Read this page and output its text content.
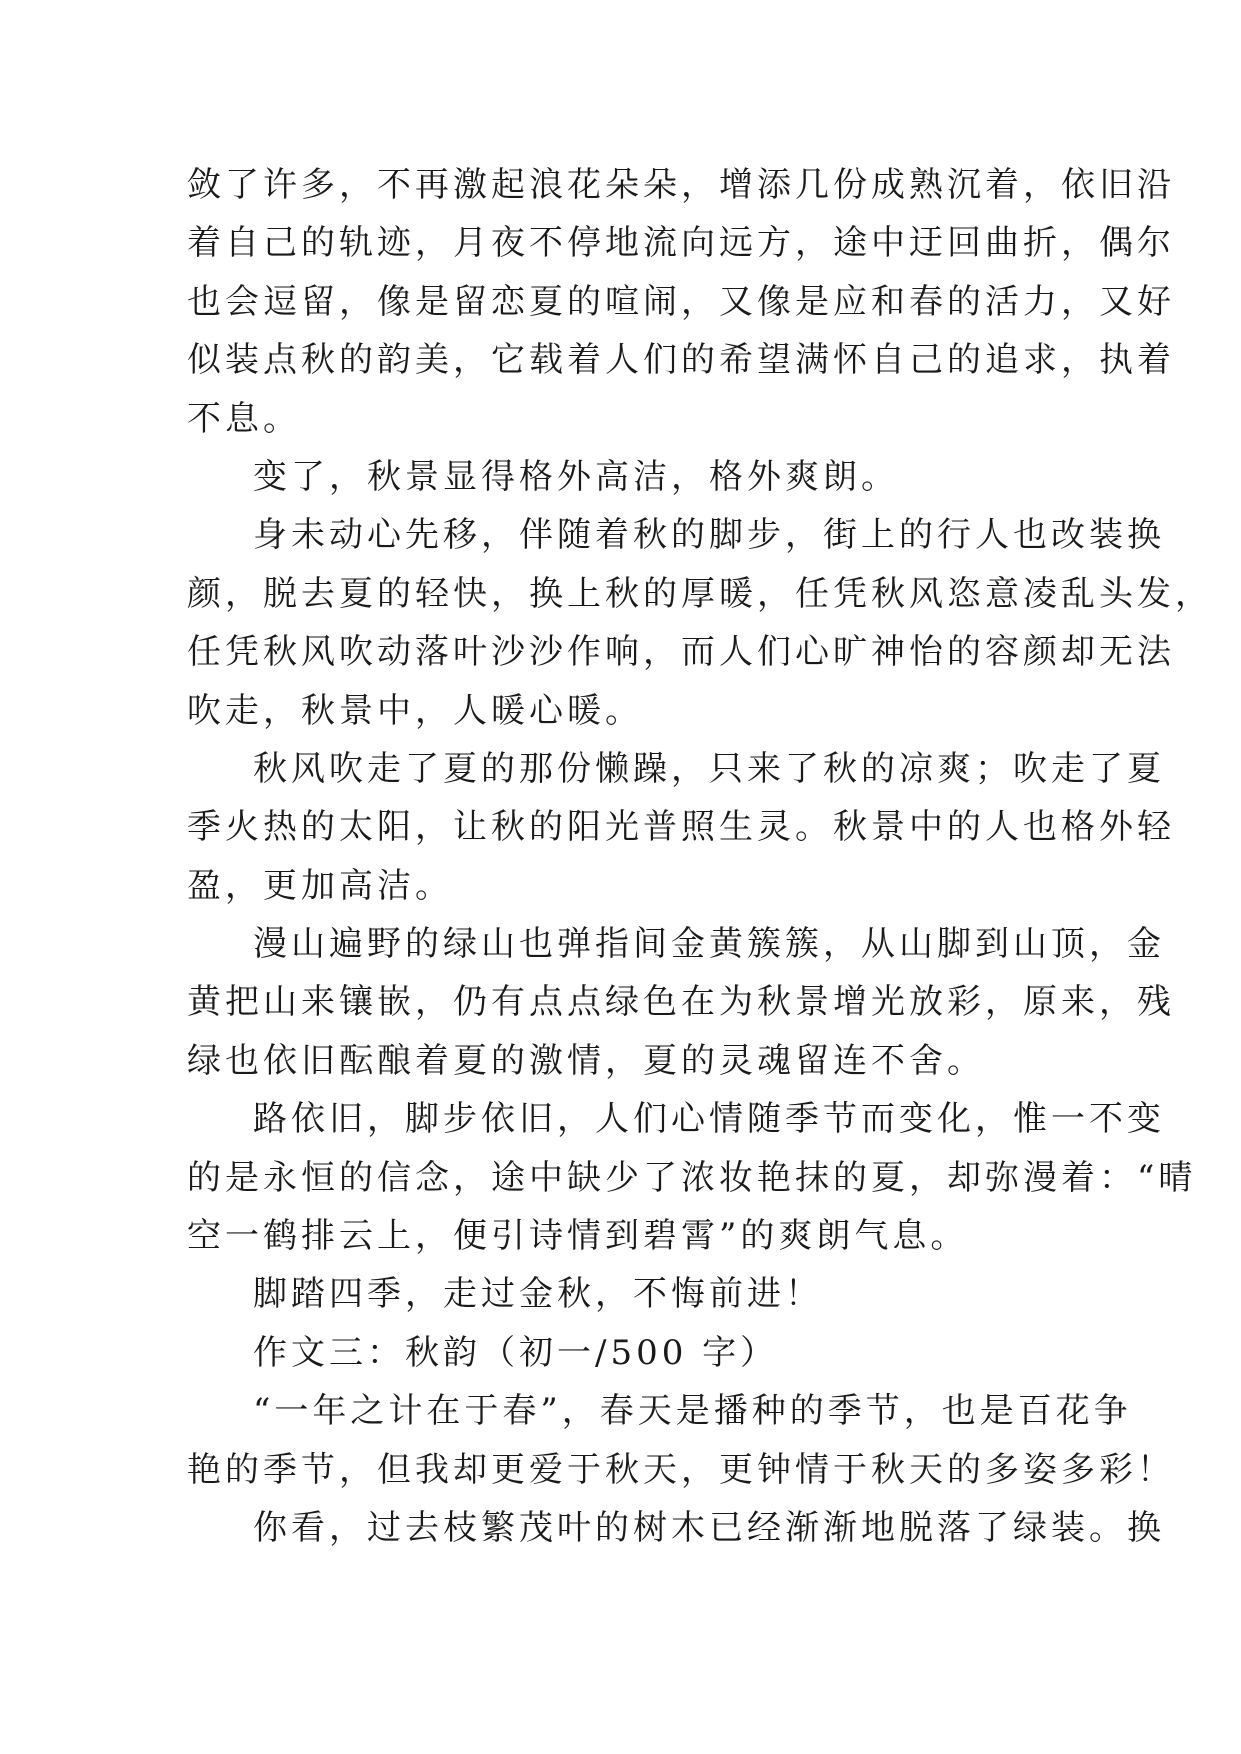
敛了许多，不再激起浪花朵朵，增添几份成熟沉着，依旧沿
着自己的轨迹，月夜不停地流向远方，途中迂回曲折，偶尔
也会逗留，像是留恋夏的喧闹，又像是应和春的活力，又好
似装点秋的韵美，它载着人们的希望满怀自己的追求，执着
不息。
变了，秋景显得格外高洁，格外爽朗。
身未动心先移，伴随着秋的脚步，街上的行人也改装换
颜，脱去夏的轻快，换上秋的厚暖，任凭秋风恣意凌乱头发，
任凭秋风吹动落叶沙沙作响，而人们心旷神怡的容颜却无法
吹走，秋景中，人暖心暖。
秋风吹走了夏的那份懒躁，只来了秋的凉爽；吹走了夏
季火热的太阳，让秋的阳光普照生灵。秋景中的人也格外轻
盈，更加高洁。
漫山遍野的绿山也弹指间金黄簇簇，从山脚到山顶，金
黄把山来镶嵌，仍有点点绿色在为秋景增光放彩，原来，残
绿也依旧酝酿着夏的激情，夏的灵魂留连不舍。
路依旧，脚步依旧，人们心情随季节而变化，惟一不变
的是永恒的信念，途中缺少了浓妆艳抹的夏，却弥漫着：“晴
空一鹤排云上，便引诗情到碧霄”的爽朗气息。
脚踏四季，走过金秋，不悔前进！
作文三：秋韵（初一/500 字）
“一年之计在于春”，春天是播种的季节，也是百花争
艳的季节，但我却更爱于秋天，更钟情于秋天的多姿多彩！
你看，过去枝繁茂叶的树木已经渐渐地脱落了绿装。换
